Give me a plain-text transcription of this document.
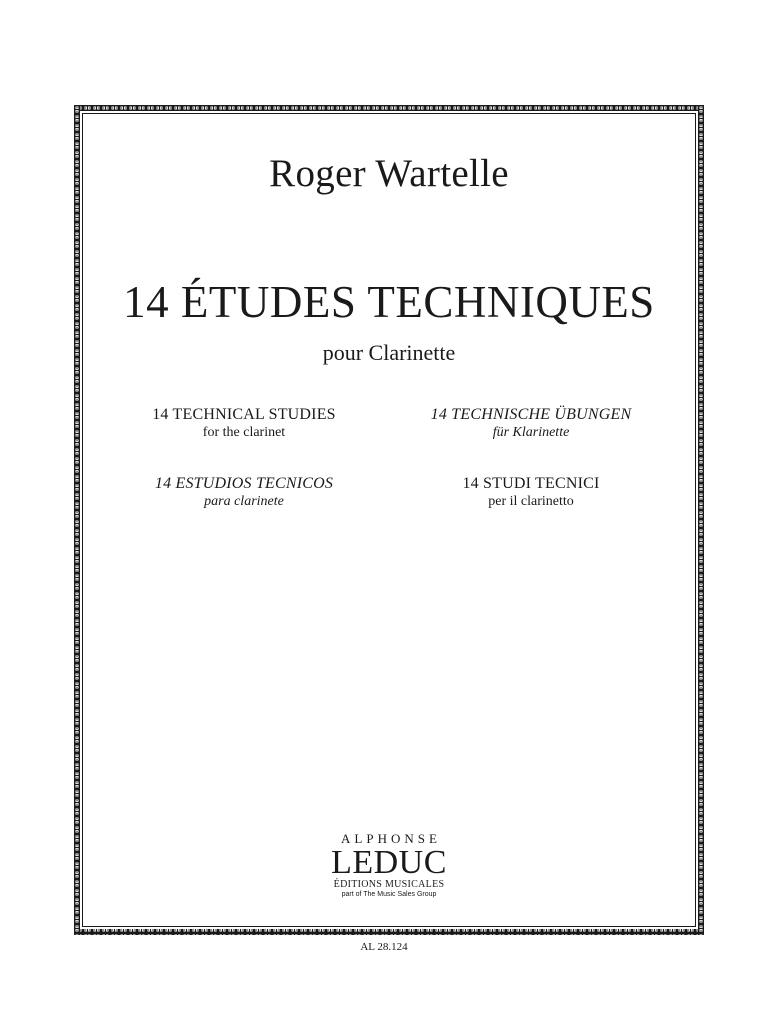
Roger Wartelle
14 ÉTUDES TECHNIQUES
pour Clarinette
14 TECHNICAL STUDIES
for the clarinet
14 TECHNISCHE ÜBUNGEN
für Klarinette
14 ESTUDIOS TECNICOS
para clarinete
14 STUDI TECNICI
per il clarinetto
ALPHONSE
LEDUC
ÉDITIONS MUSICALES
part of The Music Sales Group
AL 28.124
